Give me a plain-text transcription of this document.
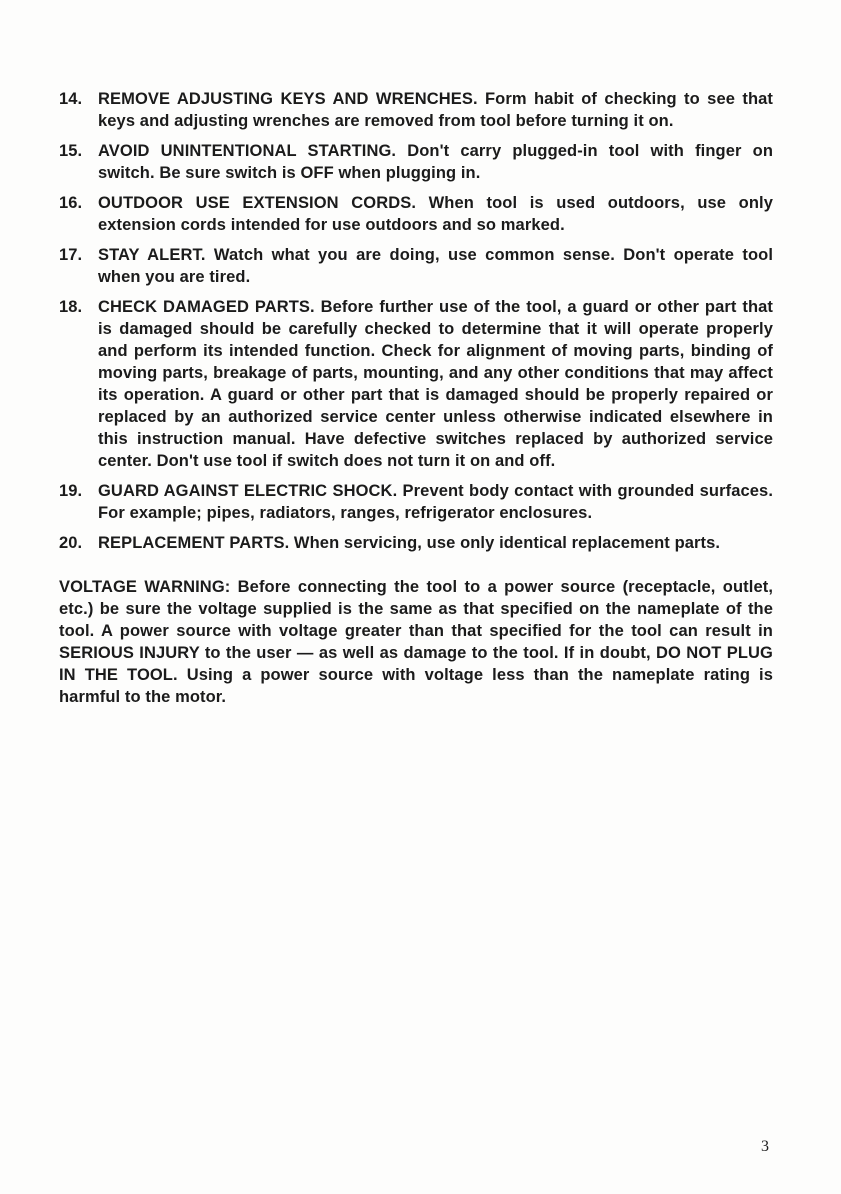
14. REMOVE ADJUSTING KEYS AND WRENCHES. Form habit of checking to see that keys and adjusting wrenches are removed from tool before turning it on.
15. AVOID UNINTENTIONAL STARTING. Don't carry plugged-in tool with finger on switch. Be sure switch is OFF when plugging in.
16. OUTDOOR USE EXTENSION CORDS. When tool is used outdoors, use only extension cords intended for use outdoors and so marked.
17. STAY ALERT. Watch what you are doing, use common sense. Don't operate tool when you are tired.
18. CHECK DAMAGED PARTS. Before further use of the tool, a guard or other part that is damaged should be carefully checked to determine that it will operate properly and perform its intended function. Check for alignment of moving parts, binding of moving parts, breakage of parts, mounting, and any other conditions that may affect its operation. A guard or other part that is damaged should be properly repaired or replaced by an authorized service center unless otherwise indicated elsewhere in this instruction manual. Have defective switches replaced by authorized service center. Don't use tool if switch does not turn it on and off.
19. GUARD AGAINST ELECTRIC SHOCK. Prevent body contact with grounded surfaces. For example; pipes, radiators, ranges, refrigerator enclosures.
20. REPLACEMENT PARTS. When servicing, use only identical replacement parts.
VOLTAGE WARNING: Before connecting the tool to a power source (receptacle, outlet, etc.) be sure the voltage supplied is the same as that specified on the nameplate of the tool. A power source with voltage greater than that specified for the tool can result in SERIOUS INJURY to the user — as well as damage to the tool. If in doubt, DO NOT PLUG IN THE TOOL. Using a power source with voltage less than the nameplate rating is harmful to the motor.
3
